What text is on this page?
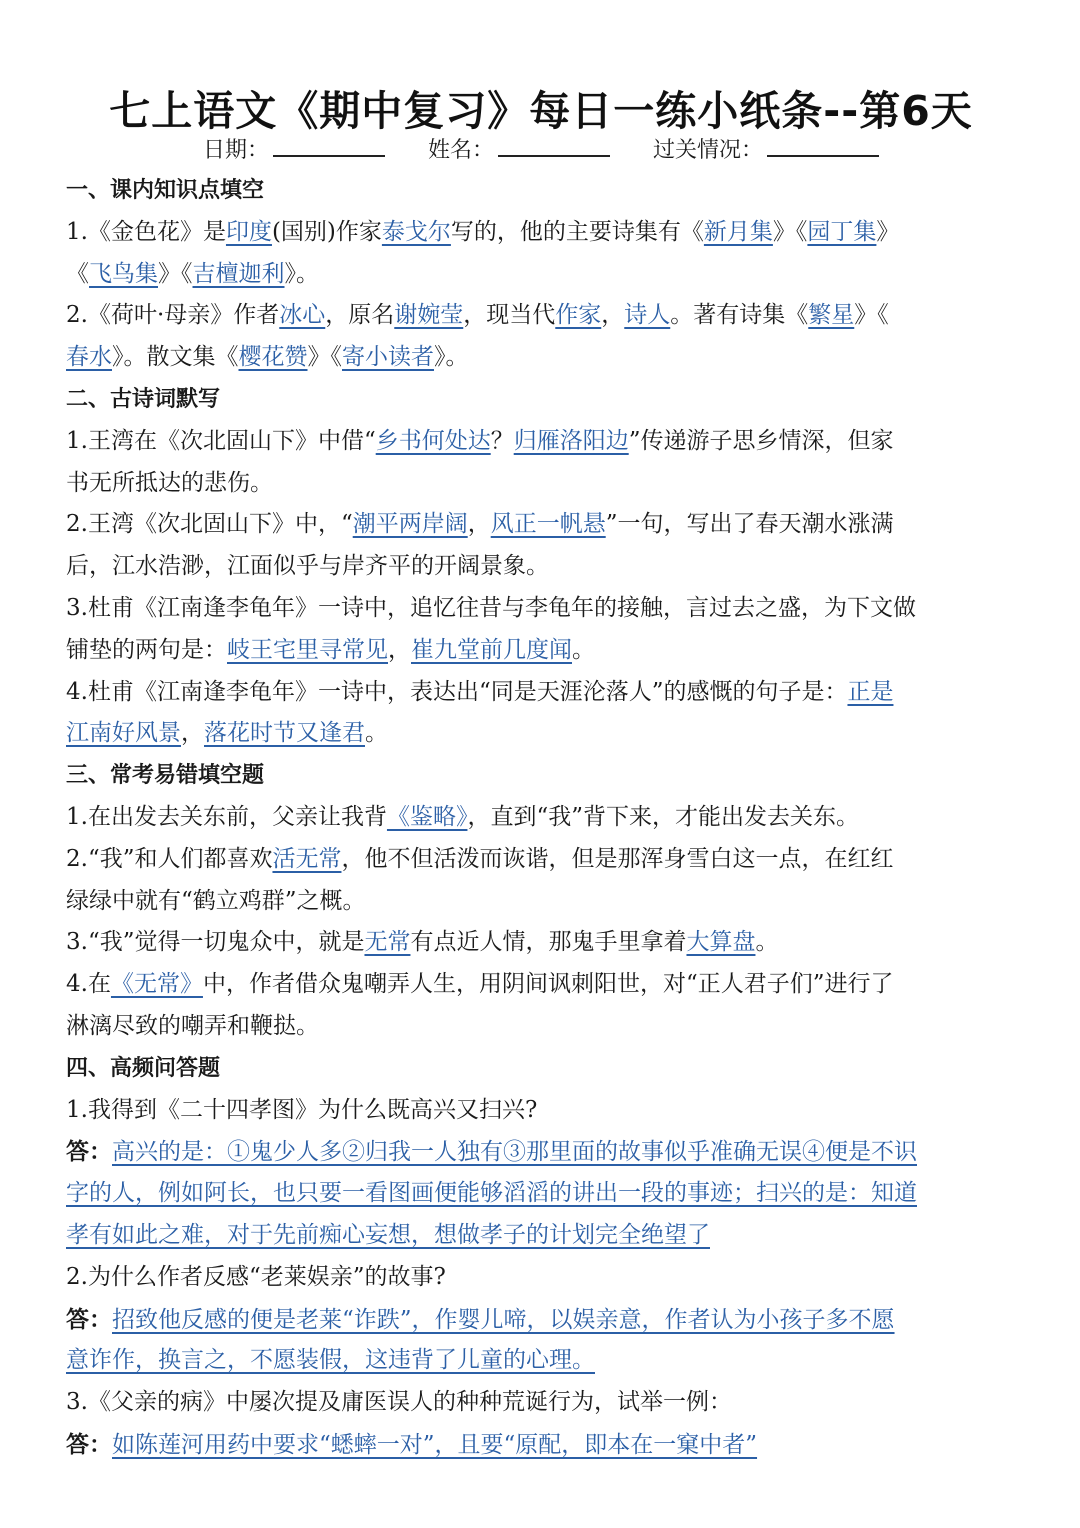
七上语文《期中复习》每日一练小纸条--第6天
日期：	姓名：	过关情况：
一、课内知识点填空
1.《金色花》是印度(国别)作家泰戈尔写的，他的主要诗集有《新月集》《园丁集》
《飞鸟集》《吉檀迦利》。
2.《荷叶·母亲》作者冰心，原名谢婉莹，现当代作家，诗人。著有诗集《繁星》《
春水》。散文集《樱花赞》《寄小读者》。
二、古诗词默写
1.王湾在《次北固山下》中借“乡书何处达？归雁洛阳边”传递游子思乡情深，但家
书无所抵达的悲伤。
2.王湾《次北固山下》中，“潮平两岸阔，风正一帆悬”一句，写出了春天潮水涨满
后，江水浩渺，江面似乎与岸齐平的开阔景象。
3.杜甫《江南逢李龟年》一诗中，追忆往昔与李龟年的接触，言过去之盛，为下文做
铺垫的两句是：岐王宅里寻常见，崔九堂前几度闻。
4.杜甫《江南逢李龟年》一诗中，表达出“同是天涯沦落人”的感慨的句子是：正是
江南好风景，落花时节又逢君。
三、常考易错填空题
1.在出发去关东前，父亲让我背《鉴略》，直到“我”背下来，才能出发去关东。
2.“我”和人们都喜欢活无常，他不但活泼而诙谐，但是那浑身雪白这一点，在红红
绿绿中就有“鹤立鸡群”之概。
3.“我”觉得一切鬼众中，就是无常有点近人情，那鬼手里拿着大算盘。
4.在《无常》中，作者借众鬼嘲弄人生，用阴间讽刺阳世，对“正人君子们”进行了
淋漓尽致的嘲弄和鞭挞。
四、高频问答题
1.我得到《二十四孝图》为什么既高兴又扫兴?
答：高兴的是：①鬼少人多②归我一人独有③那里面的故事似乎准确无误④便是不识
字的人，例如阿长，也只要一看图画便能够滔滔的讲出一段的事迹；扫兴的是：知道
孝有如此之难，对于先前痴心妄想，想做孝子的计划完全绝望了
2.为什么作者反感“老莱娱亲”的故事?
答：招致他反感的便是老莱“诈跌”，作婴儿啼，以娱亲意，作者认为小孩子多不愿
意诈作，换言之，不愿装假，这违背了儿童的心理。
3.《父亲的病》中屡次提及庸医误人的种种荒诞行为，试举一例：
答：如陈莲河用药中要求“蟋蟀一对”，且要“原配，即本在一窠中者”
